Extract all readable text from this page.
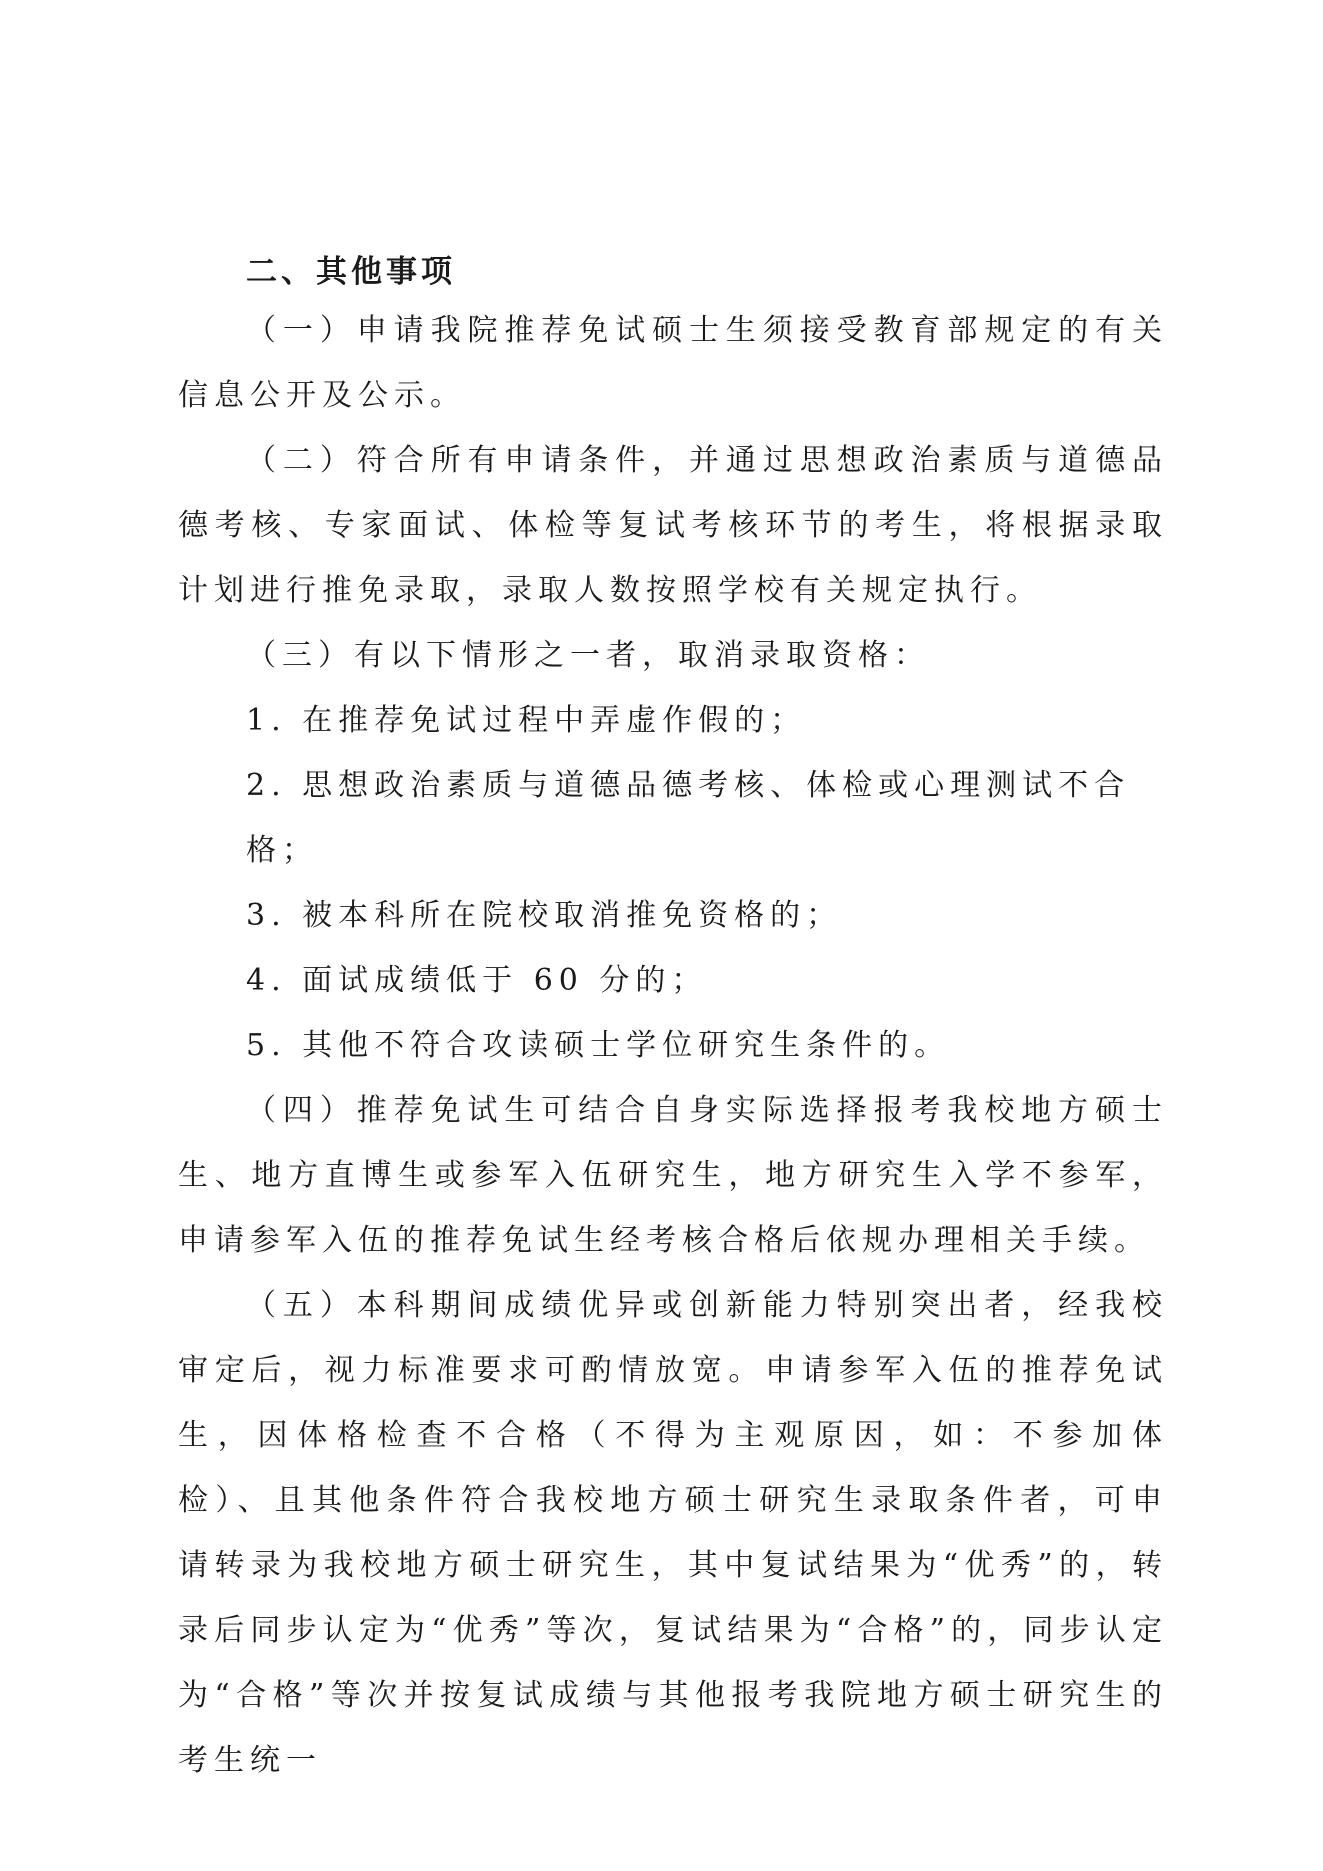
二、其他事项

（一）申请我院推荐免试硕士生须接受教育部规定的有关信息公开及公示。

（二）符合所有申请条件，并通过思想政治素质与道德品德考核、专家面试、体检等复试考核环节的考生，将根据录取计划进行推免录取，录取人数按照学校有关规定执行。

（三）有以下情形之一者，取消录取资格：

1. 在推荐免试过程中弄虚作假的；

2. 思想政治素质与道德品德考核、体检或心理测试不合格；

3. 被本科所在院校取消推免资格的；

4. 面试成绩低于 60 分的；

5. 其他不符合攻读硕士学位研究生条件的。

（四）推荐免试生可结合自身实际选择报考我校地方硕士生、地方直博生或参军入伍研究生，地方研究生入学不参军，申请参军入伍的推荐免试生经考核合格后依规办理相关手续。

（五）本科期间成绩优异或创新能力特别突出者，经我校审定后，视力标准要求可酌情放宽。申请参军入伍的推荐免试生，因体格检查不合格（不得为主观原因，如：不参加体检）、且其他条件符合我校地方硕士研究生录取条件者，可申请转录为我校地方硕士研究生，其中复试结果为“优秀”的，转录后同步认定为“优秀”等次，复试结果为“合格”的，同步认定为“合格”等次并按复试成绩与其他报考我院地方硕士研究生的考生统一
